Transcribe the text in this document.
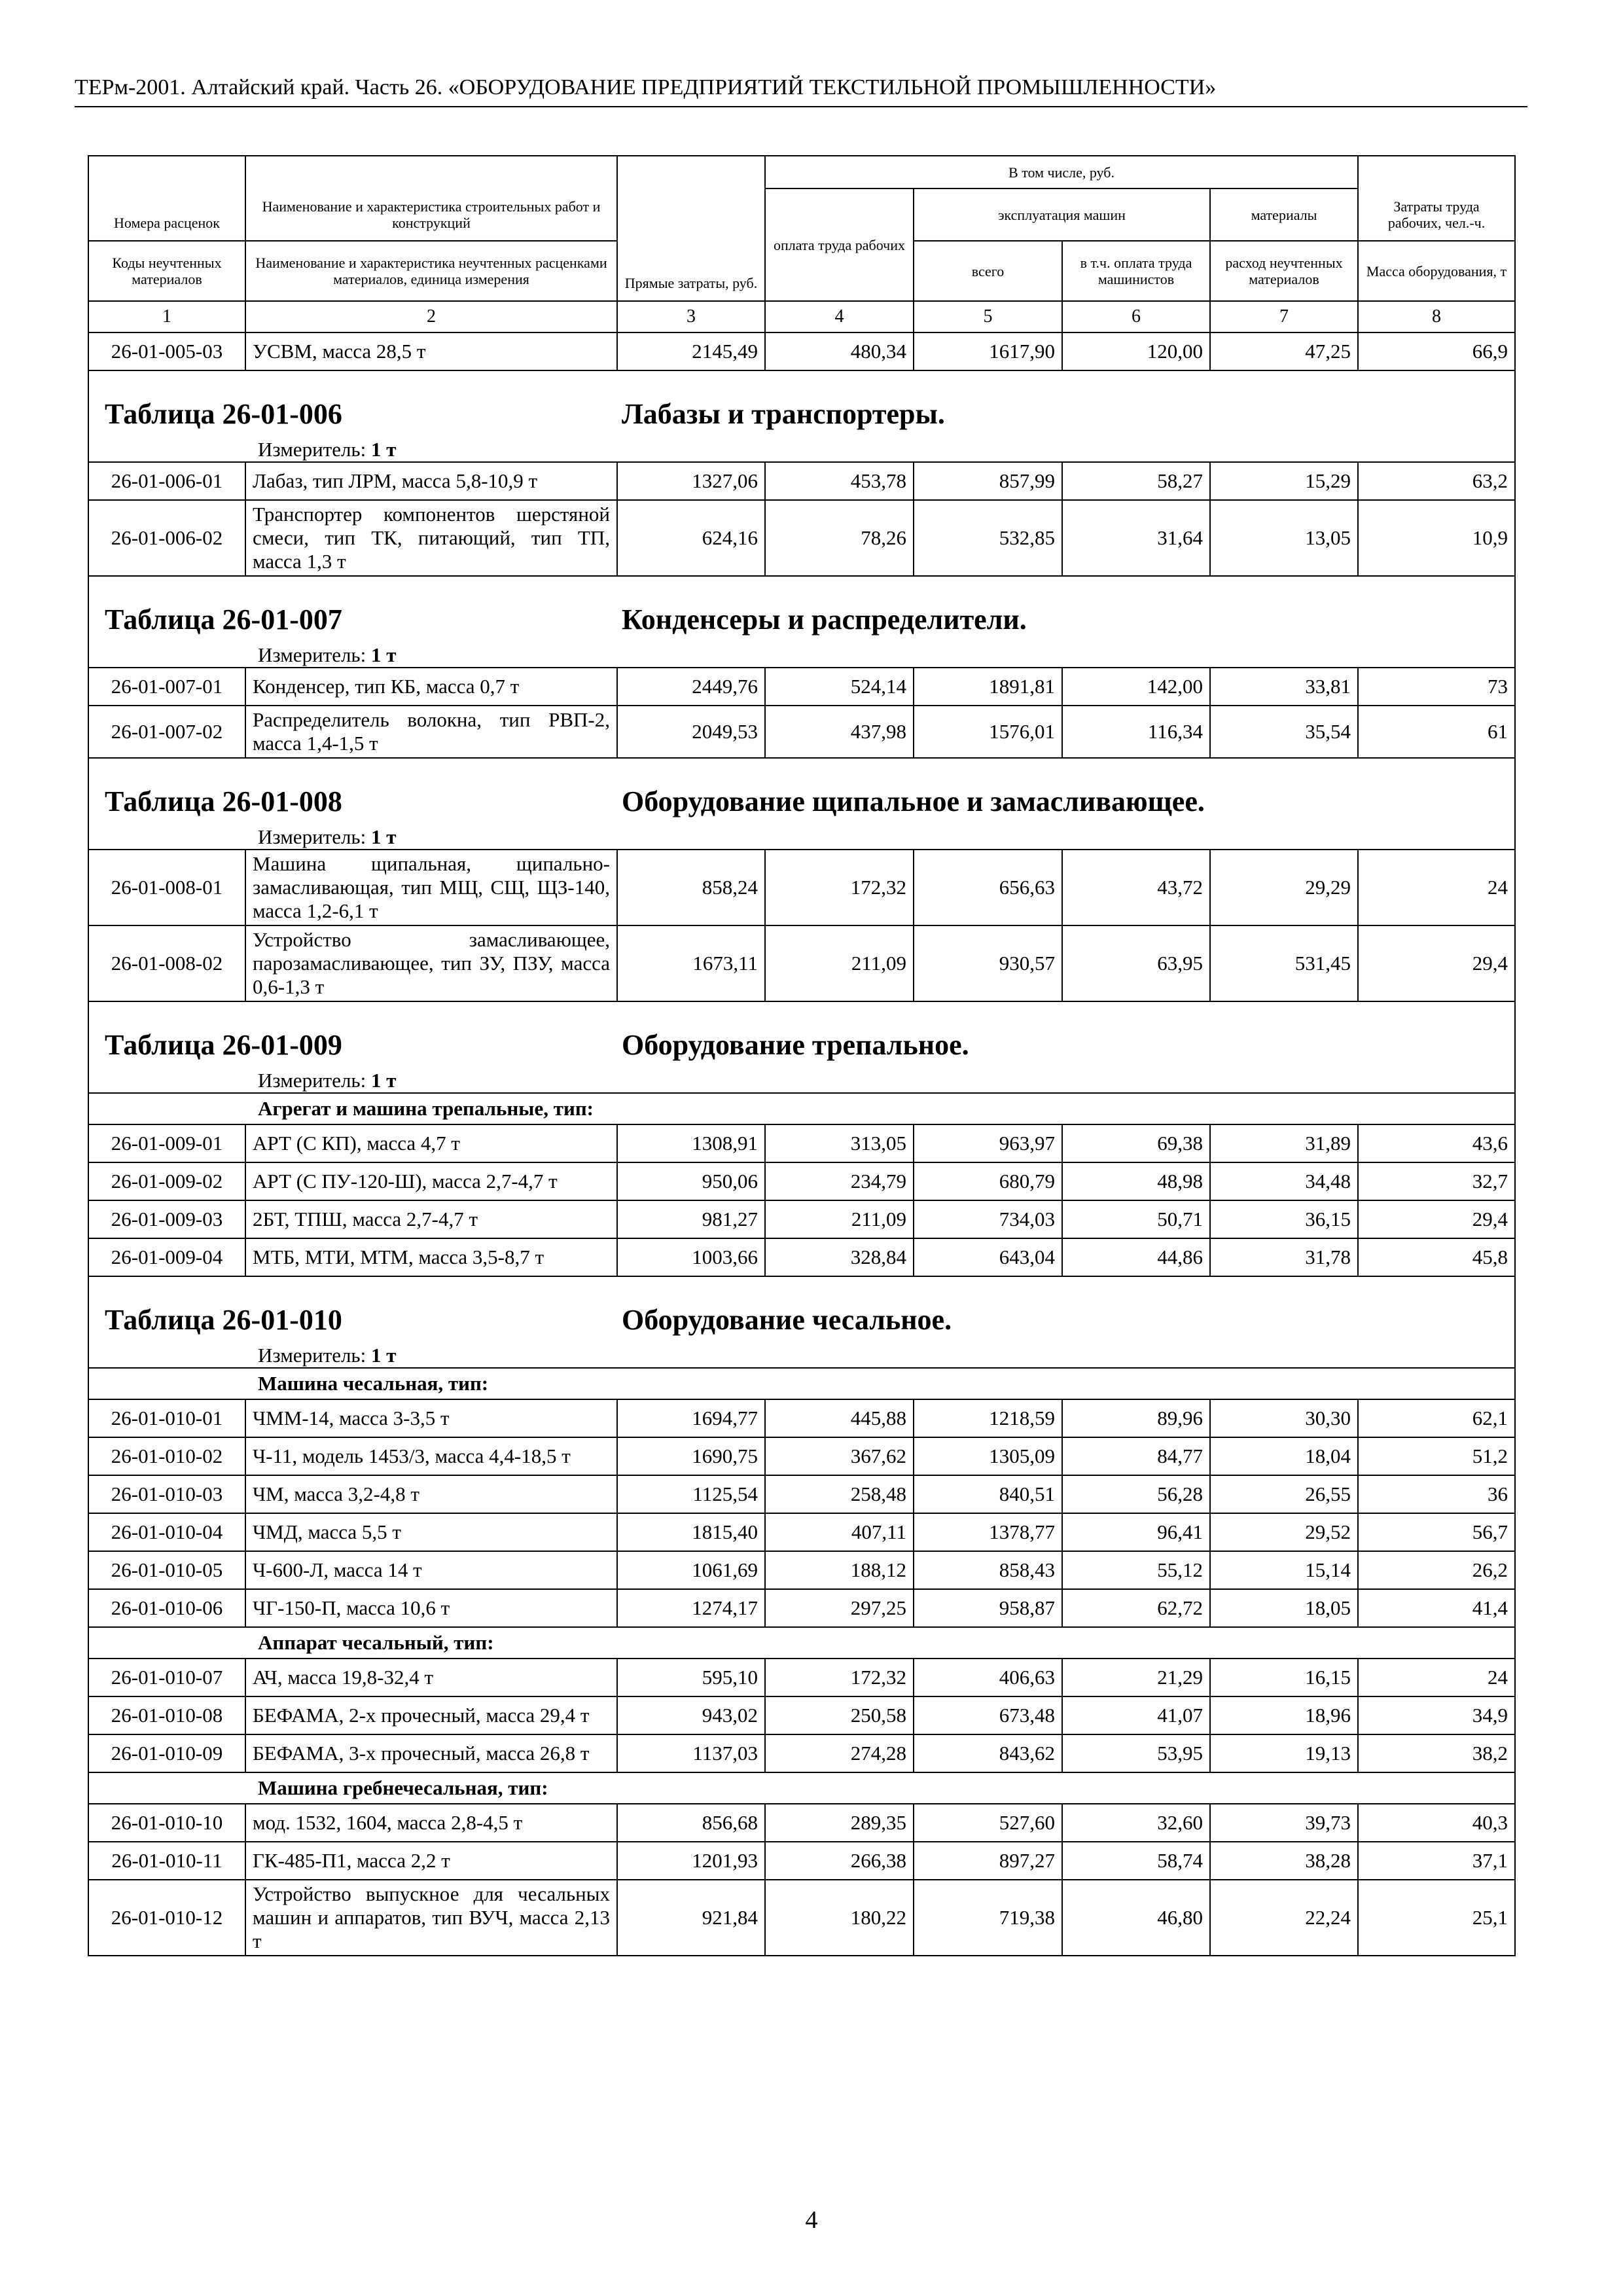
ТЕРм-2001. Алтайский край. Часть 26. «ОБОРУДОВАНИЕ ПРЕДПРИЯТИЙ ТЕКСТИЛЬНОЙ ПРОМЫШЛЕННОСТИ»
Номера расценок	Наименование и характеристика строительных работ и конструкций	Прямые затраты, руб.	В том числе, руб.				Затраты труда рабочих, чел.-ч.
			оплата труда рабочих	эксплуатация машин		материалы	
				всего	в т.ч. оплата труда машинистов	расход неучтенных материалов	
Коды неучтенных материалов	Наименование и характеристика неучтенных расценками материалов, единица измерения						Масса оборудования, т
1	2	3	4	5	6	7	8
26-01-005-03	УСВМ, масса 28,5 т	2145,49	480,34	1617,90	120,00	47,25	66,9

Таблица 26-01-006 Лабазы и транспортеры.							

Измеритель: 1 т							
26-01-006-01	Лабаз, тип ЛРМ, масса 5,8-10,9 т	1327,06	453,78	857,99	58,27	15,29	63,2
26-01-006-02	Транспортер компонентов шерстяной смеси, тип ТК, питающий, тип ТП, масса 1,3 т	624,16	78,26	532,85	31,64	13,05	10,9

Таблица 26-01-007 Конденсеры и распределители.							

Измеритель: 1 т							
26-01-007-01	Конденсер, тип КБ, масса 0,7 т	2449,76	524,14	1891,81	142,00	33,81	73
26-01-007-02	Распределитель волокна, тип РВП-2, масса 1,4-1,5 т	2049,53	437,98	1576,01	116,34	35,54	61

Таблица 26-01-008 Оборудование щипальное и замасливающее.							

Измеритель: 1 т							
26-01-008-01	Машина щипальная, щипально-замасливающая, тип МЩ, СЩ, ЩЗ-140, масса 1,2-6,1 т	858,24	172,32	656,63	43,72	29,29	24
26-01-008-02	Устройство замасливающее, парозамасливающее, тип ЗУ, ПЗУ, масса 0,6-1,3 т	1673,11	211,09	930,57	63,95	531,45	29,4

Таблица 26-01-009 Оборудование трепальное.							

Измеритель: 1 т							
Агрегат и машина трепальные, тип:							
26-01-009-01	АРТ (С КП), масса 4,7 т	1308,91	313,05	963,97	69,38	31,89	43,6
26-01-009-02	АРТ (С ПУ-120-Ш), масса 2,7-4,7 т	950,06	234,79	680,79	48,98	34,48	32,7
26-01-009-03	2БТ, ТПШ, масса 2,7-4,7 т	981,27	211,09	734,03	50,71	36,15	29,4
26-01-009-04	МТБ, МТИ, МТМ, масса 3,5-8,7 т	1003,66	328,84	643,04	44,86	31,78	45,8

Таблица 26-01-010 Оборудование чесальное.							

Измеритель: 1 т							
Машина чесальная, тип:							
26-01-010-01	ЧММ-14, масса 3-3,5 т	1694,77	445,88	1218,59	89,96	30,30	62,1
26-01-010-02	Ч-11, модель 1453/3, масса 4,4-18,5 т	1690,75	367,62	1305,09	84,77	18,04	51,2
26-01-010-03	ЧМ, масса 3,2-4,8 т	1125,54	258,48	840,51	56,28	26,55	36
26-01-010-04	ЧМД, масса 5,5 т	1815,40	407,11	1378,77	96,41	29,52	56,7
26-01-010-05	Ч-600-Л, масса 14 т	1061,69	188,12	858,43	55,12	15,14	26,2
26-01-010-06	ЧГ-150-П, масса 10,6 т	1274,17	297,25	958,87	62,72	18,05	41,4
Аппарат чесальный, тип:							
26-01-010-07	АЧ, масса 19,8-32,4 т	595,10	172,32	406,63	21,29	16,15	24
26-01-010-08	БЕФАМА, 2-х прочесный, масса 29,4 т	943,02	250,58	673,48	41,07	18,96	34,9
26-01-010-09	БЕФАМА, 3-х прочесный, масса 26,8 т	1137,03	274,28	843,62	53,95	19,13	38,2
Машина гребнечесальная, тип:							
26-01-010-10	мод. 1532, 1604, масса 2,8-4,5 т	856,68	289,35	527,60	32,60	39,73	40,3
26-01-010-11	ГК-485-П1, масса 2,2 т	1201,93	266,38	897,27	58,74	38,28	37,1
26-01-010-12	Устройство выпускное для чесальных машин и аппаратов, тип ВУЧ, масса 2,13 т	921,84	180,22	719,38	46,80	22,24	25,1
4
